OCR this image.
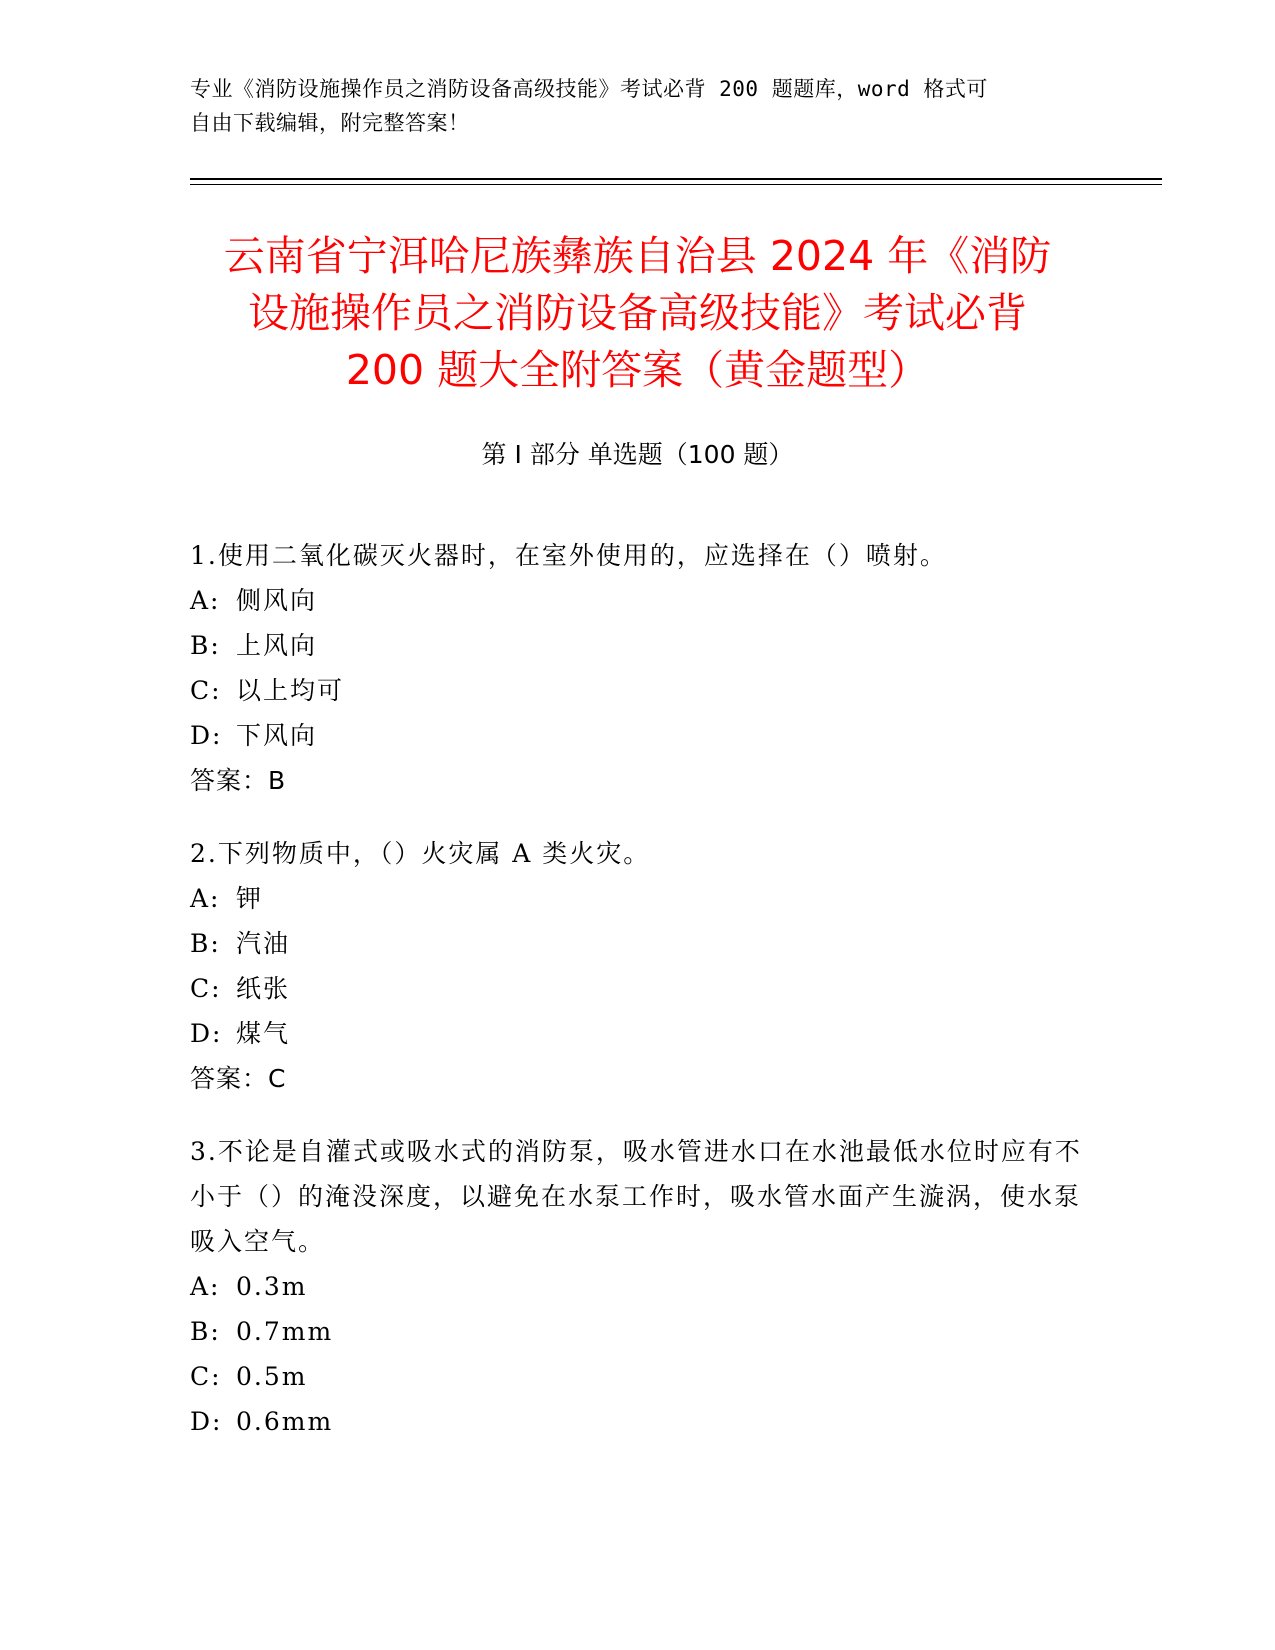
专业《消防设施操作员之消防设备高级技能》考试必背 200 题题库，word 格式可
自由下载编辑，附完整答案！
云南省宁洱哈尼族彝族自治县 2024 年《消防
设施操作员之消防设备高级技能》考试必背
200 题大全附答案（黄金题型）
第 I 部分 单选题（100 题）
1.使用二氧化碳灭火器时，在室外使用的，应选择在（）喷射。
A: 侧风向
B: 上风向
C: 以上均可
D: 下风向
答案：B
2.下列物质中，（）火灾属 A 类火灾。
A: 钾
B: 汽油
C: 纸张
D: 煤气
答案：C
3.不论是自灌式或吸水式的消防泵，吸水管进水口在水池最低水位时应有不小于（）的淹没深度，以避免在水泵工作时，吸水管水面产生漩涡，使水泵吸入空气。
A: 0.3m
B: 0.7mm
C: 0.5m
D: 0.6mm
